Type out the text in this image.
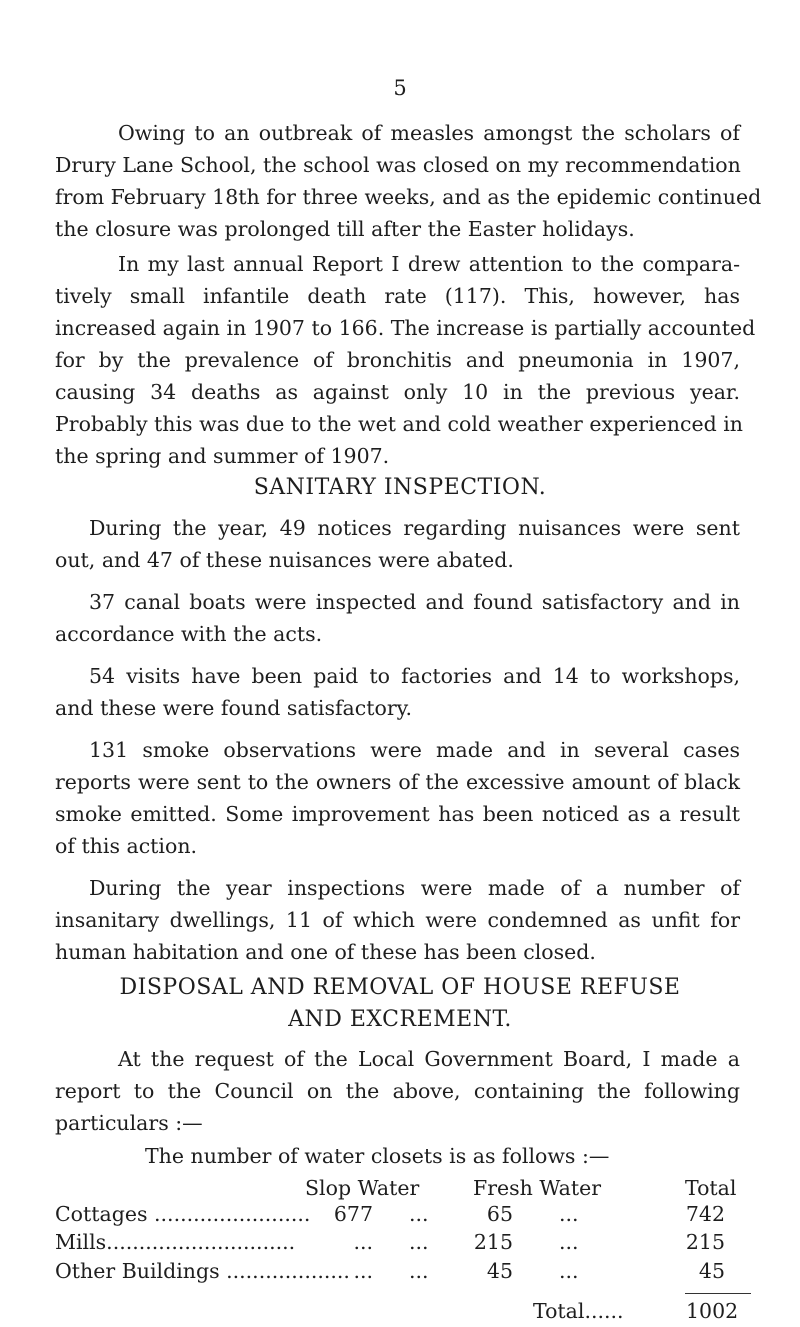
5
Owing to an outbreak of measles amongst the scholars of
Drury Lane School, the school was closed on my recommendation
from February 18th for three weeks, and as the epidemic continued
the closure was prolonged till after the Easter holidays.
In my last annual Report I drew attention to the compara-
tively small infantile death rate (117). This, however, has
increased again in 1907 to 166. The increase is partially accounted
for by the prevalence of bronchitis and pneumonia in 1907,
causing 34 deaths as against only 10 in the previous year.
Probably this was due to the wet and cold weather experienced in
the spring and summer of 1907.
SANITARY INSPECTION.
During the year, 49 notices regarding nuisances were sent
out, and 47 of these nuisances were abated.
37 canal boats were inspected and found satisfactory and in
accordance with the acts.
54 visits have been paid to factories and 14 to workshops,
and these were found satisfactory.
131 smoke observations were made and in several cases
reports were sent to the owners of the excessive amount of black
smoke emitted. Some improvement has been noticed as a result
of this action.
During the year inspections were made of a number of
insanitary dwellings, 11 of which were condemned as unfit for
human habitation and one of these has been closed.
DISPOSAL AND REMOVAL OF HOUSE REFUSE
AND EXCREMENT.
At the request of the Local Government Board, I made a
report to the Council on the above, containing the following
particulars :—
The number of water closets is as follows :—
Slop Water	Fresh Water	Total
Cottages ........................	677 ...	65 ...	742
Mills.............................	... ...	215 ...	215
Other Buildings ................... ... ...	45 ...	45
Total......	1002
